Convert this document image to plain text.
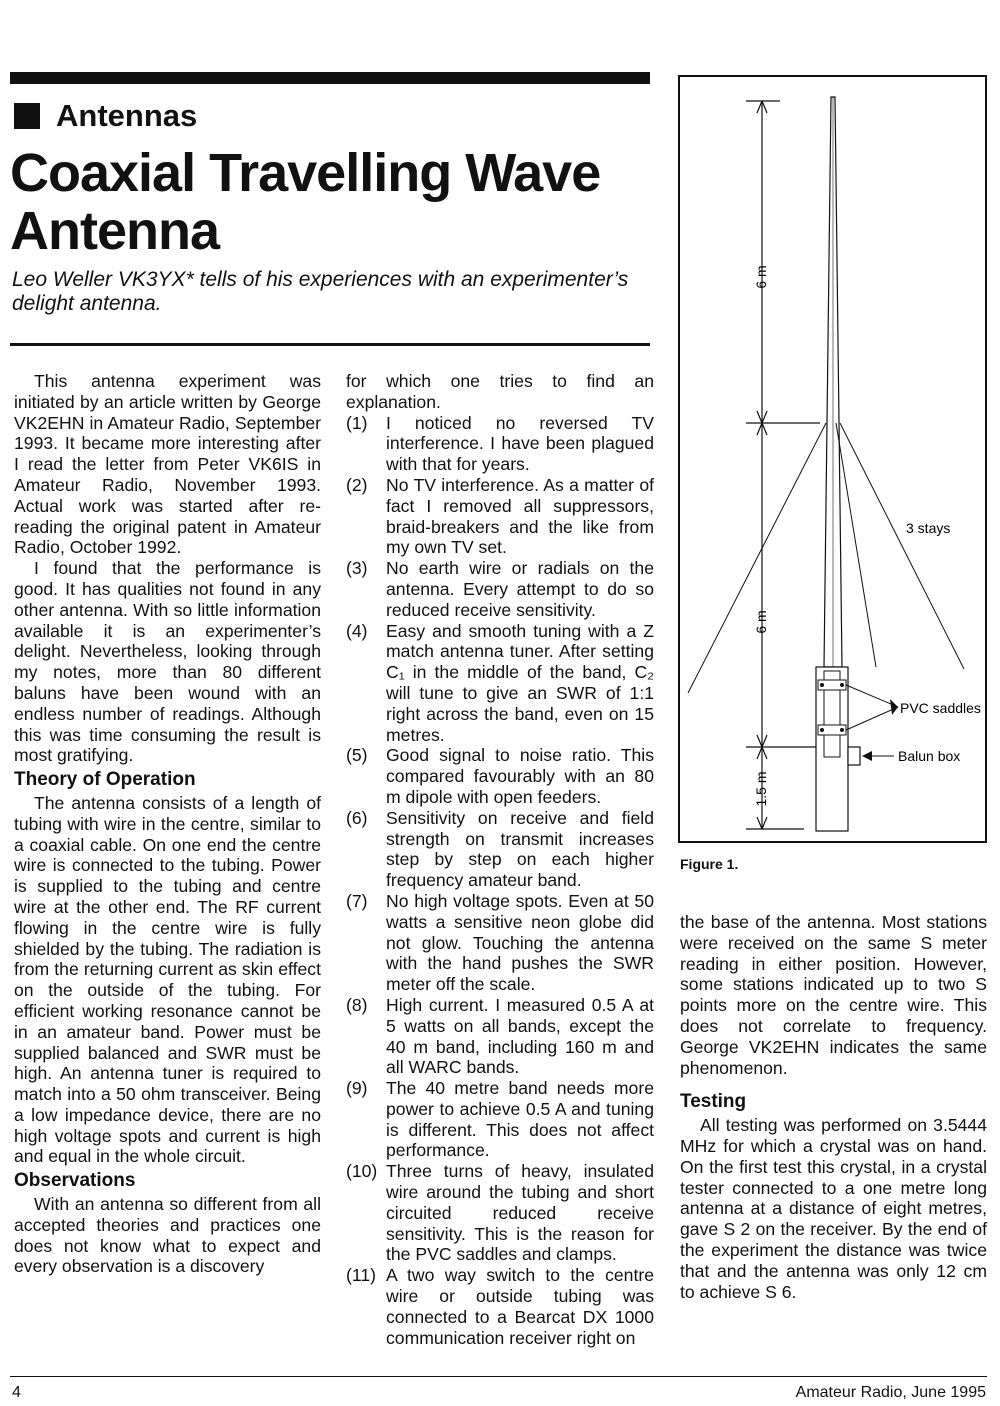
Antennas
Coaxial Travelling Wave Antenna
Leo Weller VK3YX* tells of his experiences with an experimenter’s delight antenna.

This antenna experiment was initiated by an article written by George VK2EHN in Amateur Radio, September 1993. It became more interesting after I read the letter from Peter VK6IS in Amateur Radio, November 1993. Actual work was started after re-reading the original patent in Amateur Radio, October 1992.

I found that the performance is good. It has qualities not found in any other antenna. With so little information available it is an experimenter’s delight. Nevertheless, looking through my notes, more than 80 different baluns have been wound with an endless number of readings. Although this was time consuming the result is most gratifying.

Theory of Operation

The antenna consists of a length of tubing with wire in the centre, similar to a coaxial cable. On one end the centre wire is connected to the tubing. Power is supplied to the tubing and centre wire at the other end. The RF current flowing in the centre wire is fully shielded by the tubing. The radiation is from the returning current as skin effect on the outside of the tubing. For efficient working resonance cannot be in an amateur band. Power must be supplied balanced and SWR must be high. An antenna tuner is required to match into a 50 ohm transceiver. Being a low impedance device, there are no high voltage spots and current is high and equal in the whole circuit.

Observations

With an antenna so different from all accepted theories and practices one does not know what to expect and every observation is a discovery

for which one tries to find an explanation.

(1) I noticed no reversed TV interference. I have been plagued with that for years.
(2) No TV interference. As a matter of fact I removed all suppressors, braid-breakers and the like from my own TV set.
(3) No earth wire or radials on the antenna. Every attempt to do so reduced receive sensitivity.
(4) Easy and smooth tuning with a Z match antenna tuner. After setting C₁ in the middle of the band, C₂ will tune to give an SWR of 1:1 right across the band, even on 15 metres.
(5) Good signal to noise ratio. This compared favourably with an 80 m dipole with open feeders.
(6) Sensitivity on receive and field strength on transmit increases step by step on each higher frequency amateur band.
(7) No high voltage spots. Even at 50 watts a sensitive neon globe did not glow. Touching the antenna with the hand pushes the SWR meter off the scale.
(8) High current. I measured 0.5 A at 5 watts on all bands, except the 40 m band, including 160 m and all WARC bands.
(9) The 40 metre band needs more power to achieve 0.5 A and tuning is different. This does not affect performance.
(10) Three turns of heavy, insulated wire around the tubing and short circuited reduced receive sensitivity. This is the reason for the PVC saddles and clamps.
(11) A two way switch to the centre wire or outside tubing was connected to a Bearcat DX 1000 communication receiver right on
6 m
6 m
1.5 m
3 stays
PVC saddles
Balun box
Figure 1.

the base of the antenna. Most stations were received on the same S meter reading in either position. However, some stations indicated up to two S points more on the centre wire. This does not correlate to frequency. George VK2EHN indicates the same phenomenon.

Testing

All testing was performed on 3.5444 MHz for which a crystal was on hand. On the first test this crystal, in a crystal tester connected to a one metre long antenna at a distance of eight metres, gave S 2 on the receiver. By the end of the experiment the distance was twice that and the antenna was only 12 cm to achieve S 6.

4	Amateur Radio, June 1995
